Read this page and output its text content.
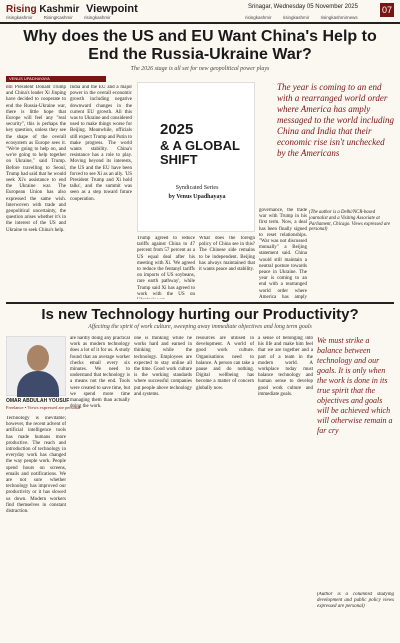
Rising Kashmir Viewpoint	Srinagar, Wednesday 05 November 2025	07
risingkashmir	RisingKashmir	risingkashmir	risingkashmir	risingkashmir	risingkashmirnews
Why does the US and EU Want China's Help to End the Russia-Ukraine War?
The 2026 stage is all set for new geopolitical power plays
VENUS UPADHAYAYA
ntil President Donald Trump and China's leader Xi Jinping have decided to cooperate to end the Russia-Ukraine war, there is little hope that Europe will feel any "real security", this is perhaps the key question, unless they see the shape of the overall ecosystem as Europe sees it. "We're going to help on, and we're going to help together on Ukraine," said Trump. Before travelling to Seoul, Trump had said that he would seek Xi's assistance to end the Ukraine war. The European Union has also expressed the same wish. Interwoven with trade and geopolitical uncertainty, the question arises whether it's in the interest of the US and Ukraine to seek China's help.
India and the EU and a major power in the overall economic growth including negative downward changes in the current EU growth. All this was to Ukraine and considered used to make things worse for Beijing. Meanwhile, officials still expect Trump and Putin to make progress. The world wants stability. China's resistance has a role to play. Moving beyond its interests, the US and the EU have been forced to see Xi as an ally. 'US President Trump and Xi hold talks', and the summit was seen as a step toward future cooperation.
2025
& A GLOBAL SHIFT
Syndicated Series
by Venus Upadhayaya
Trump agreed to reduce tariffs against China to 47 percent from 57 percent as a US equal deal after his meeting with Xi. 'We agreed to reduce the fentanyl tariffs on imports of US soybeans, rare earth pathway', while Trump said Xi has agreed to work with the US on
What does the foreign policy of China see in this? The Chinese side remains to be independent. Beijing has always maintained that it wants peace and stability.
The year is coming to an end with a rearranged world order where America has amply messaged to the world including China and India that their economic rise isn't unchecked by the Americans
governance, the trade war with Trump in his first term. Now, a deal has been finally signed to reset relationships. "War was not discussed mutually" a Beijing statement said. China would still maintain a neutral posture towards peace in Ukraine. The year is coming to an end with a rearranged world order where America has amply
(The author is a Delhi/NCR-based journalist and a Visiting Associate at Parliament, Chicago. Views expressed are personal)
Is new Technology hurting our Productivity?
Affecting the spirit of work culture, sweeping away immediate objectives and long term goals
OMAR ABDULAH YOUSUF
Freelance • Views expressed are personal
Technology is inevitable; however, the recent advent of artificial intelligence tools has made humans more productive. The reach and introduction of technology in everyday work has changed the way people work. People spend hours on screens, emails and notifications. We are not sure whether technology has improved our productivity or it has slowed us down. Modern workers find themselves in constant distraction.
are hardly doing any practical work as modern technology does a lot of it for us. A study found that an average worker checks email every six minutes. We need to understand that technology is a means not the end. Tools were created to save time, but we spend more time managing them than actually doing the work.
one is thinking while he works hard and earned in thinking while the technology. Employees are expected to stay online all the time. Good work culture is the working standards where successful companies put people above technology and systems.
resources are utilised in development. A world of good work culture. Organisations need to balance. A person can take a pause and do nothing. Digital wellbeing has become a matter of concern globally now.
a sense of belonging into his life and make him feel that we are together and a part of a team in the modern world. A workplace today must balance technology and human sense to develop good work culture and immediate goals.
We must strike a balance between technology and our goals. It is only when the work is done in its true spirit that the objectives and goals will be achieved which will otherwise remain a far cry
(Author is a columnist studying development and public policy views expressed are personal)
